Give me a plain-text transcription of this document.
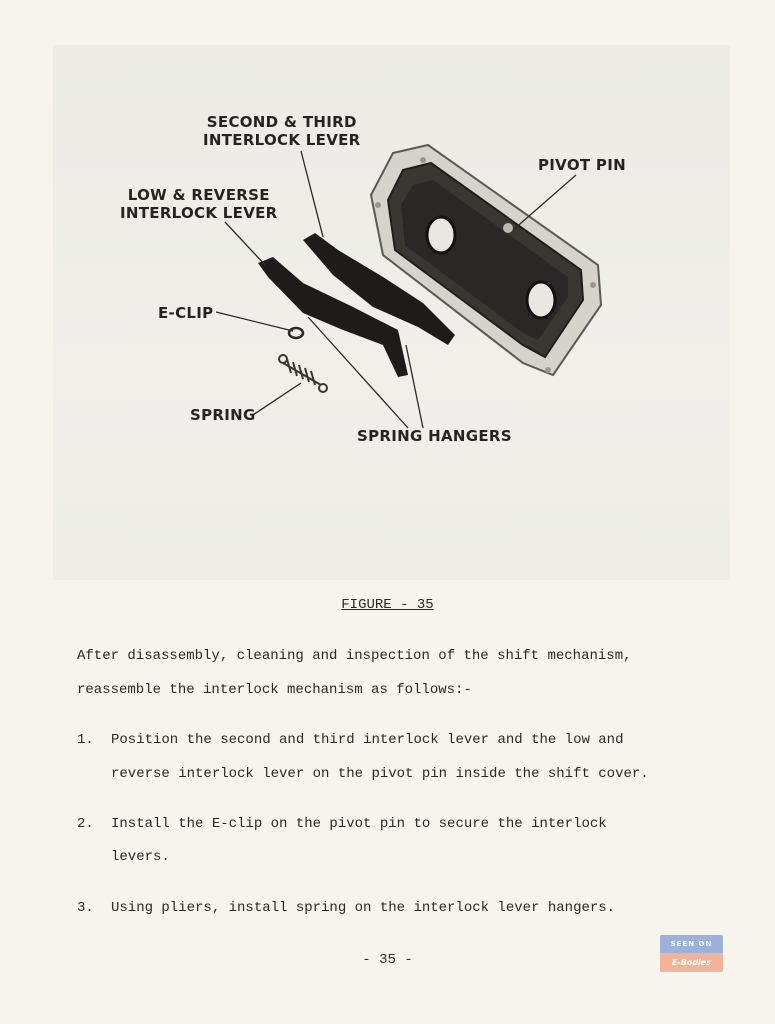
SECOND & THIRD
INTERLOCK LEVER
LOW & REVERSE
INTERLOCK LEVER
PIVOT PIN
E-CLIP
SPRING
SPRING HANGERS
FIGURE - 35
After disassembly, cleaning and inspection of the shift mechanism,
reassemble the interlock mechanism as follows:-
1. Position the second and third interlock lever and the low and
reverse interlock lever on the pivot pin inside the shift cover.
2. Install the E-clip on the pivot pin to secure the interlock
levers.
3. Using pliers, install spring on the interlock lever hangers.
- 35 -
SEEN ON
E-Bodies
